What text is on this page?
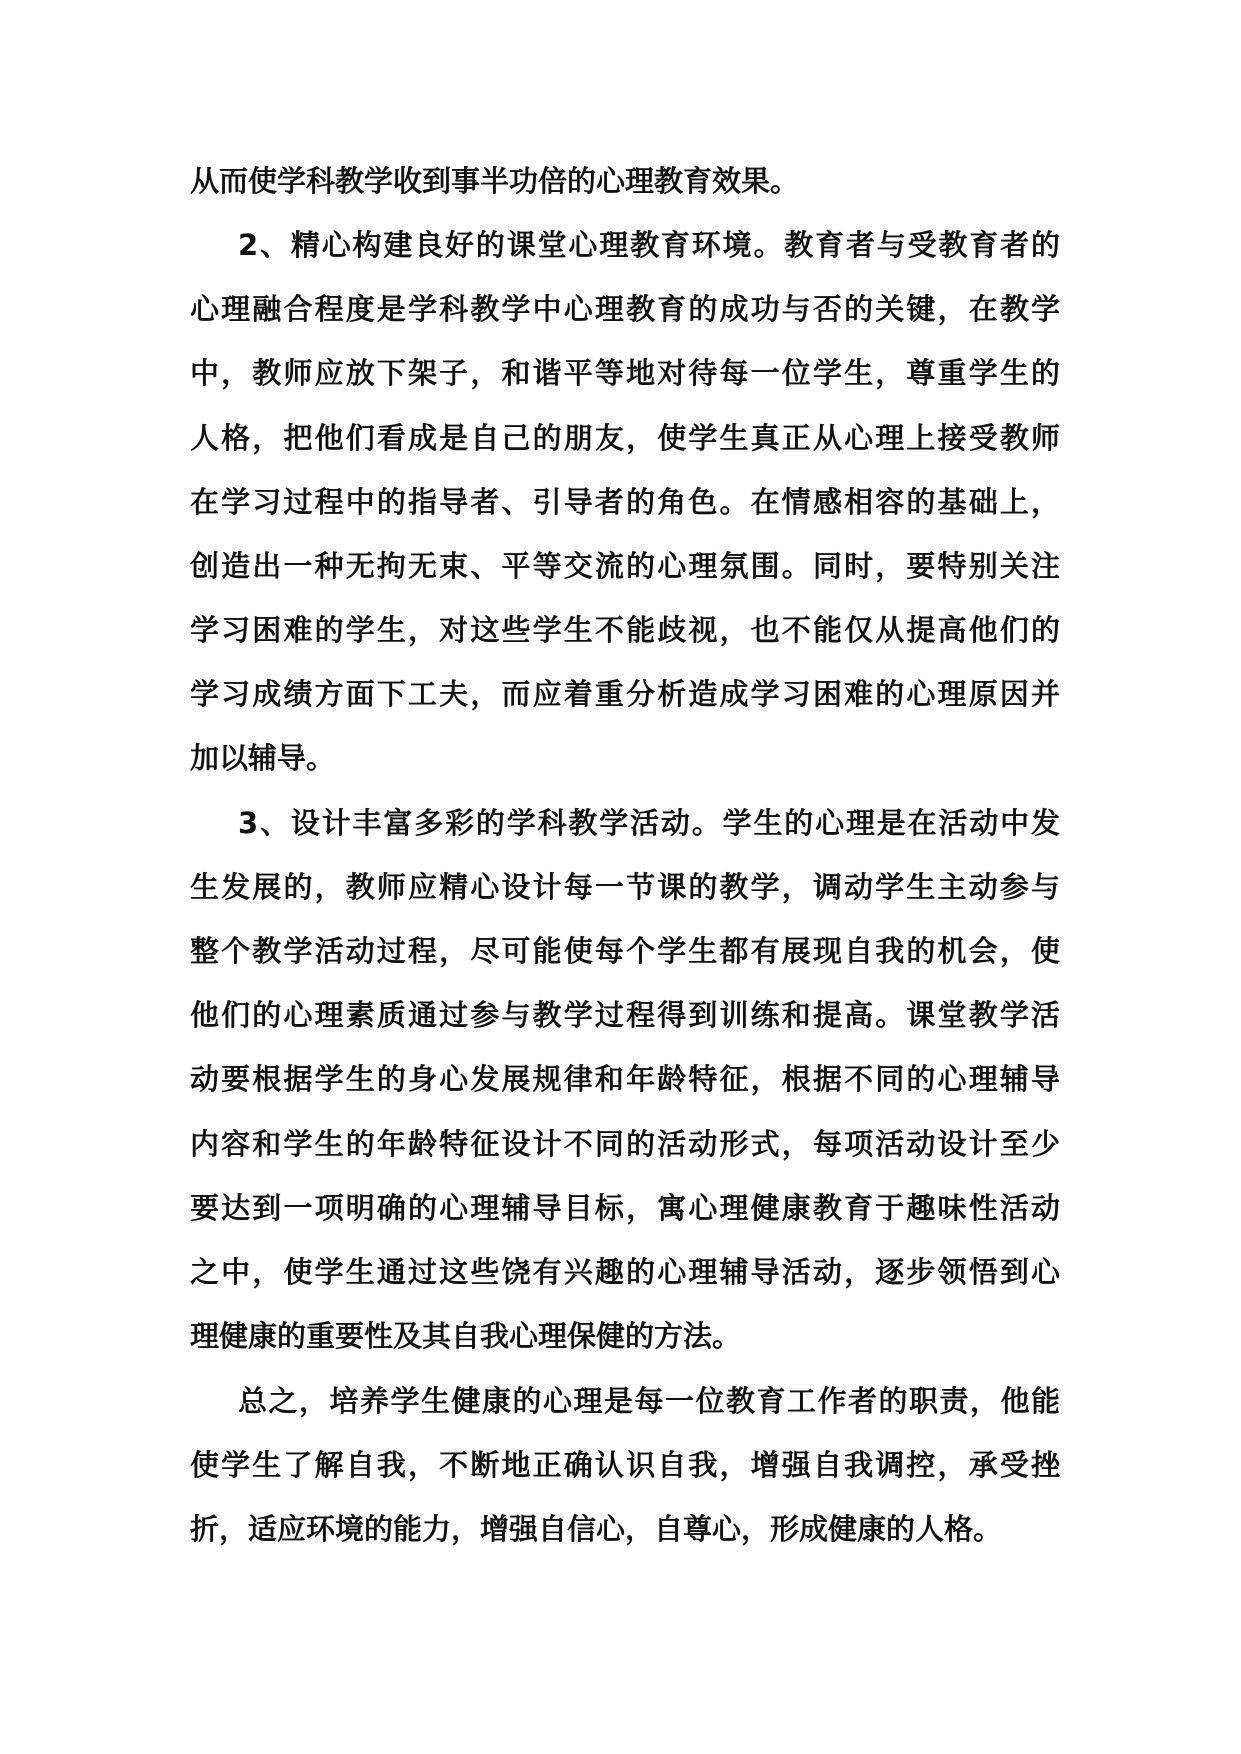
从而使学科教学收到事半功倍的心理教育效果。

2、精心构建良好的课堂心理教育环境。教育者与受教育者的

心理融合程度是学科教学中心理教育的成功与否的关键，在教学

中，教师应放下架子，和谐平等地对待每一位学生，尊重学生的

人格，把他们看成是自己的朋友，使学生真正从心理上接受教师

在学习过程中的指导者、引导者的角色。在情感相容的基础上，

创造出一种无拘无束、平等交流的心理氛围。同时，要特别关注

学习困难的学生，对这些学生不能歧视，也不能仅从提高他们的

学习成绩方面下工夫，而应着重分析造成学习困难的心理原因并

加以辅导。

3、设计丰富多彩的学科教学活动。学生的心理是在活动中发

生发展的，教师应精心设计每一节课的教学，调动学生主动参与

整个教学活动过程，尽可能使每个学生都有展现自我的机会，使

他们的心理素质通过参与教学过程得到训练和提高。课堂教学活

动要根据学生的身心发展规律和年龄特征，根据不同的心理辅导

内容和学生的年龄特征设计不同的活动形式，每项活动设计至少

要达到一项明确的心理辅导目标，寓心理健康教育于趣味性活动

之中，使学生通过这些饶有兴趣的心理辅导活动，逐步领悟到心

理健康的重要性及其自我心理保健的方法。

总之，培养学生健康的心理是每一位教育工作者的职责，他能

使学生了解自我，不断地正确认识自我，增强自我调控，承受挫

折，适应环境的能力，增强自信心，自尊心，形成健康的人格。
